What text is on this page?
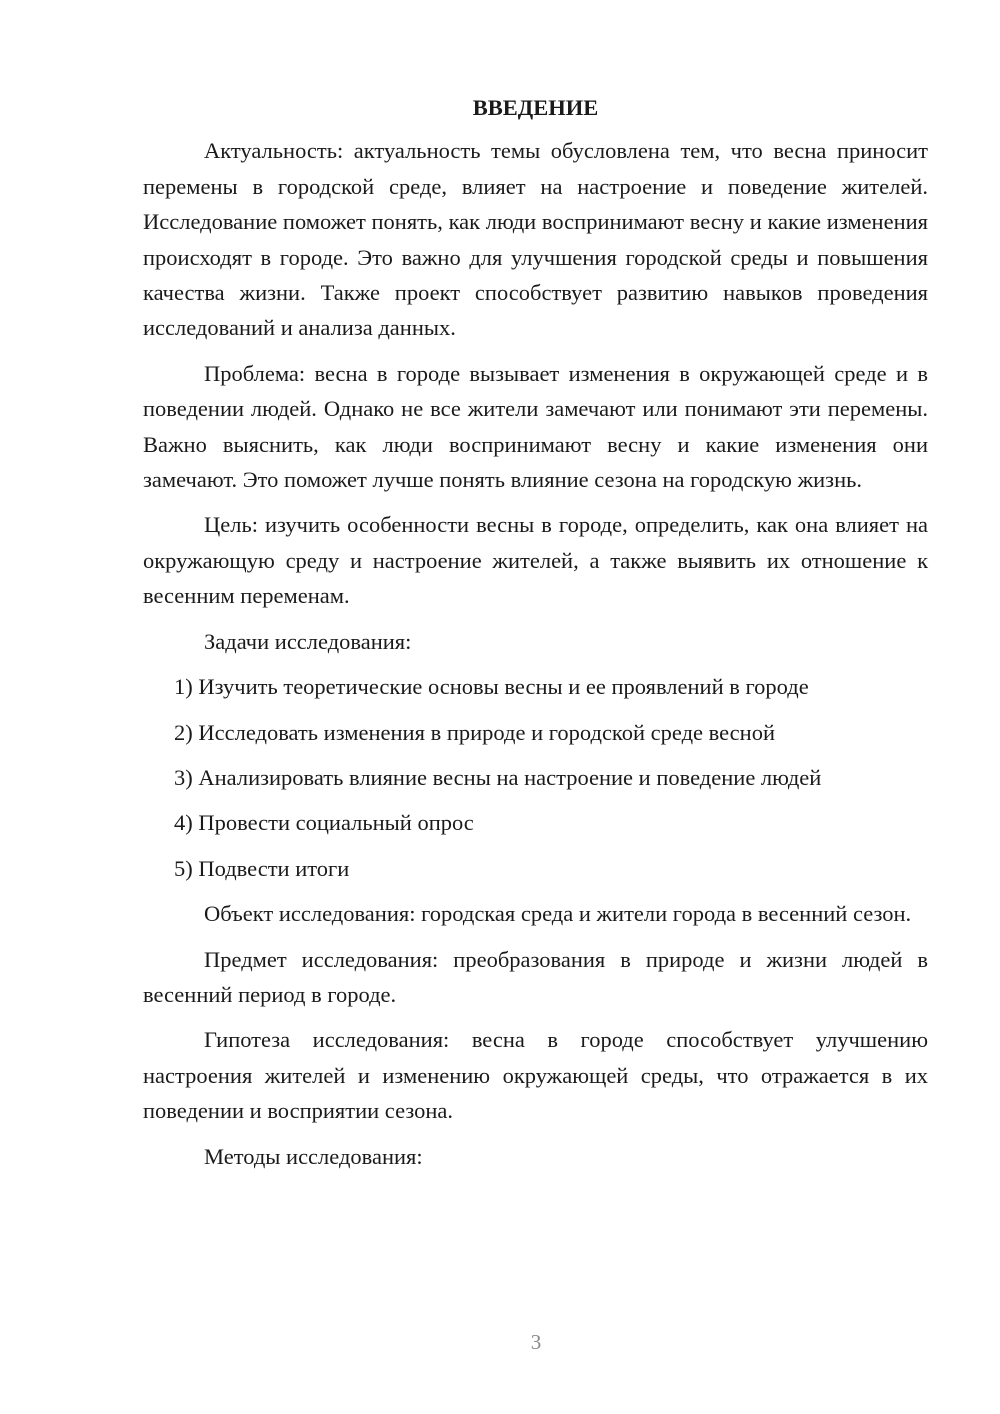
ВВЕДЕНИЕ

Актуальность: актуальность темы обусловлена тем, что весна приносит перемены в городской среде, влияет на настроение и поведение жителей. Исследование поможет понять, как люди воспринимают весну и какие изменения происходят в городе. Это важно для улучшения городской среды и повышения качества жизни. Также проект способствует развитию навыков проведения исследований и анализа данных.

Проблема: весна в городе вызывает изменения в окружающей среде и в поведении людей. Однако не все жители замечают или понимают эти перемены. Важно выяснить, как люди воспринимают весну и какие изменения они замечают. Это поможет лучше понять влияние сезона на городскую жизнь.

Цель: изучить особенности весны в городе, определить, как она влияет на окружающую среду и настроение жителей, а также выявить их отношение к весенним переменам.

Задачи исследования:

1) Изучить теоретические основы весны и ее проявлений в городе
2) Исследовать изменения в природе и городской среде весной
3) Анализировать влияние весны на настроение и поведение людей
4) Провести социальный опрос
5) Подвести итоги

Объект исследования: городская среда и жители города в весенний сезон.

Предмет исследования: преобразования в природе и жизни людей в весенний период в городе.

Гипотеза исследования: весна в городе способствует улучшению настроения жителей и изменению окружающей среды, что отражается в их поведении и восприятии сезона.

Методы исследования:

3
